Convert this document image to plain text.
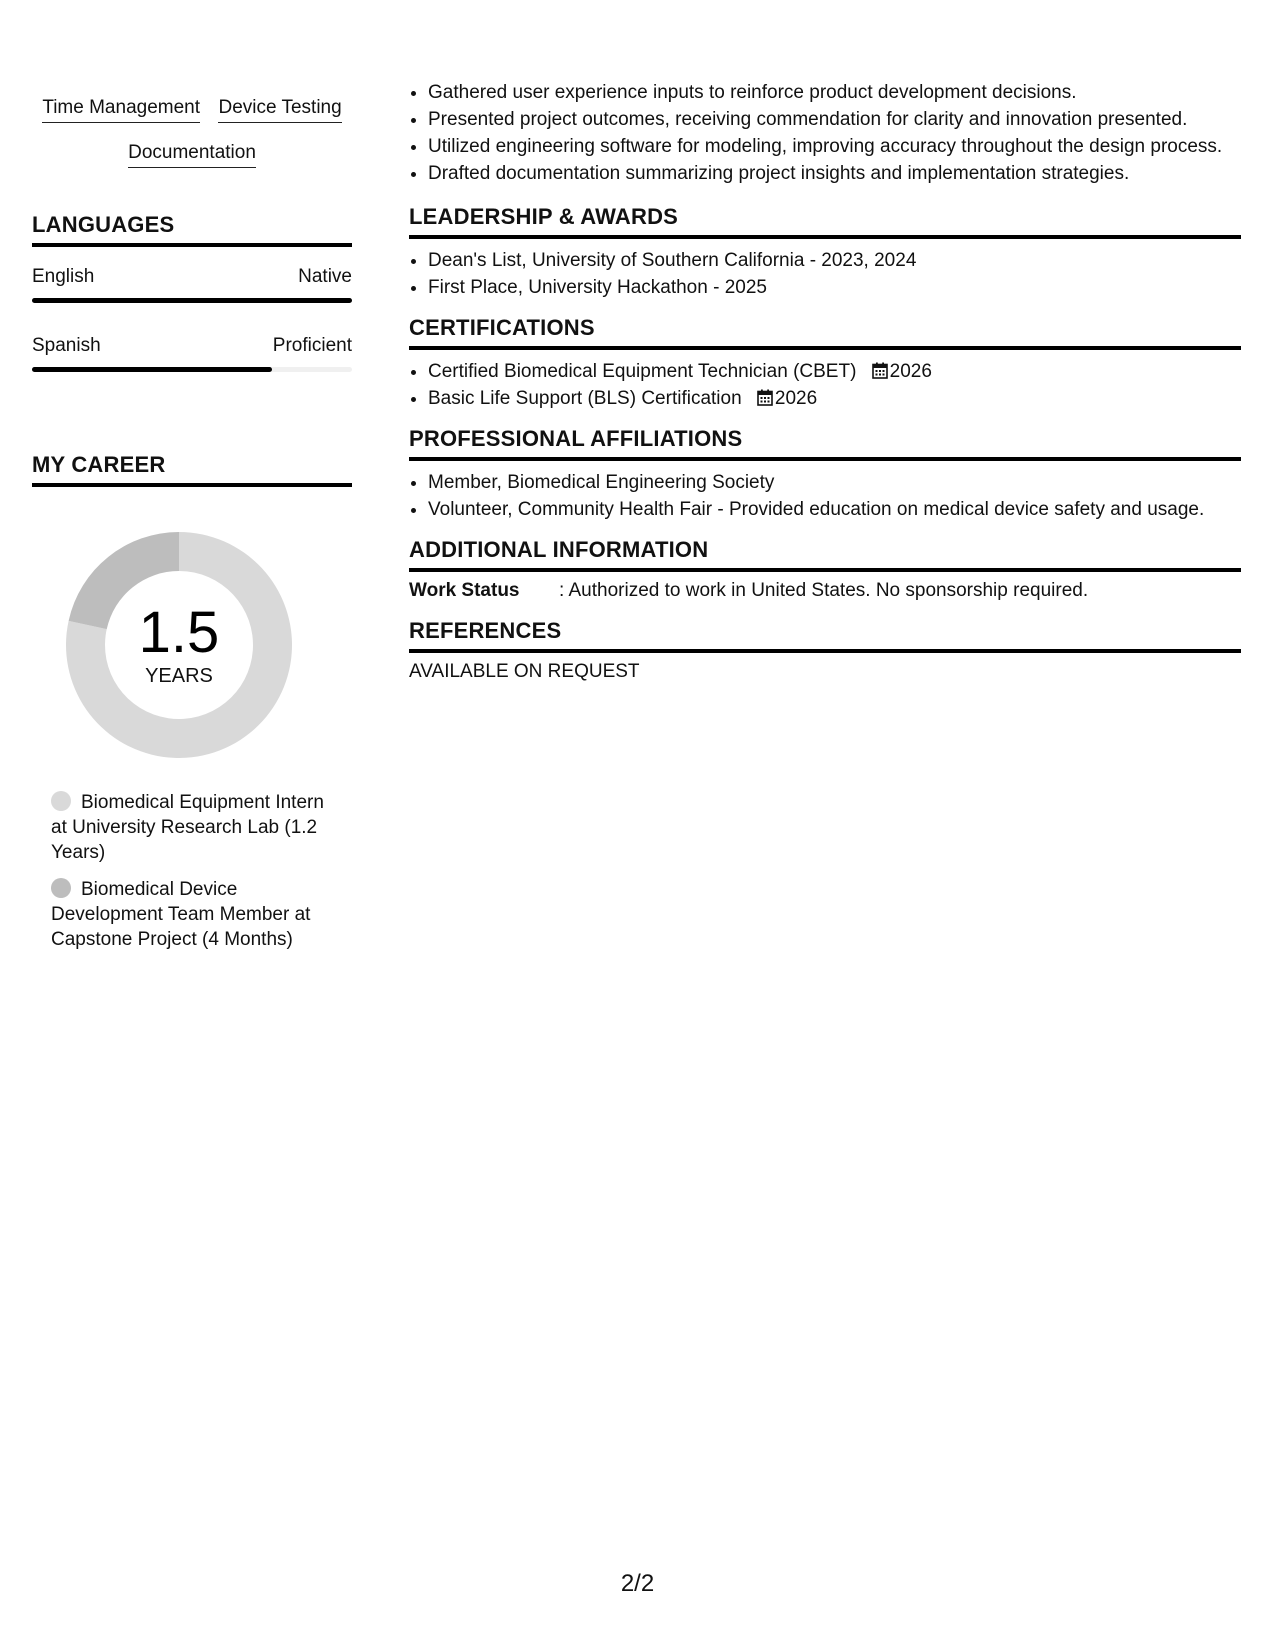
Time Management Device Testing
Documentation
LANGUAGES
English	Native
Spanish	Proficient
MY CAREER
1.5
YEARS
Biomedical Equipment Intern at University Research Lab (1.2 Years)
Biomedical Device Development Team Member at Capstone Project (4 Months)
• Gathered user experience inputs to reinforce product development decisions.
• Presented project outcomes, receiving commendation for clarity and innovation presented.
• Utilized engineering software for modeling, improving accuracy throughout the design process.
• Drafted documentation summarizing project insights and implementation strategies.
LEADERSHIP & AWARDS
• Dean's List, University of Southern California - 2023, 2024
• First Place, University Hackathon - 2025
CERTIFICATIONS
• Certified Biomedical Equipment Technician (CBET) 2026
• Basic Life Support (BLS) Certification 2026
PROFESSIONAL AFFILIATIONS
• Member, Biomedical Engineering Society
• Volunteer, Community Health Fair - Provided education on medical device safety and usage.
ADDITIONAL INFORMATION
Work Status	: Authorized to work in United States. No sponsorship required.
REFERENCES
AVAILABLE ON REQUEST
2/2
